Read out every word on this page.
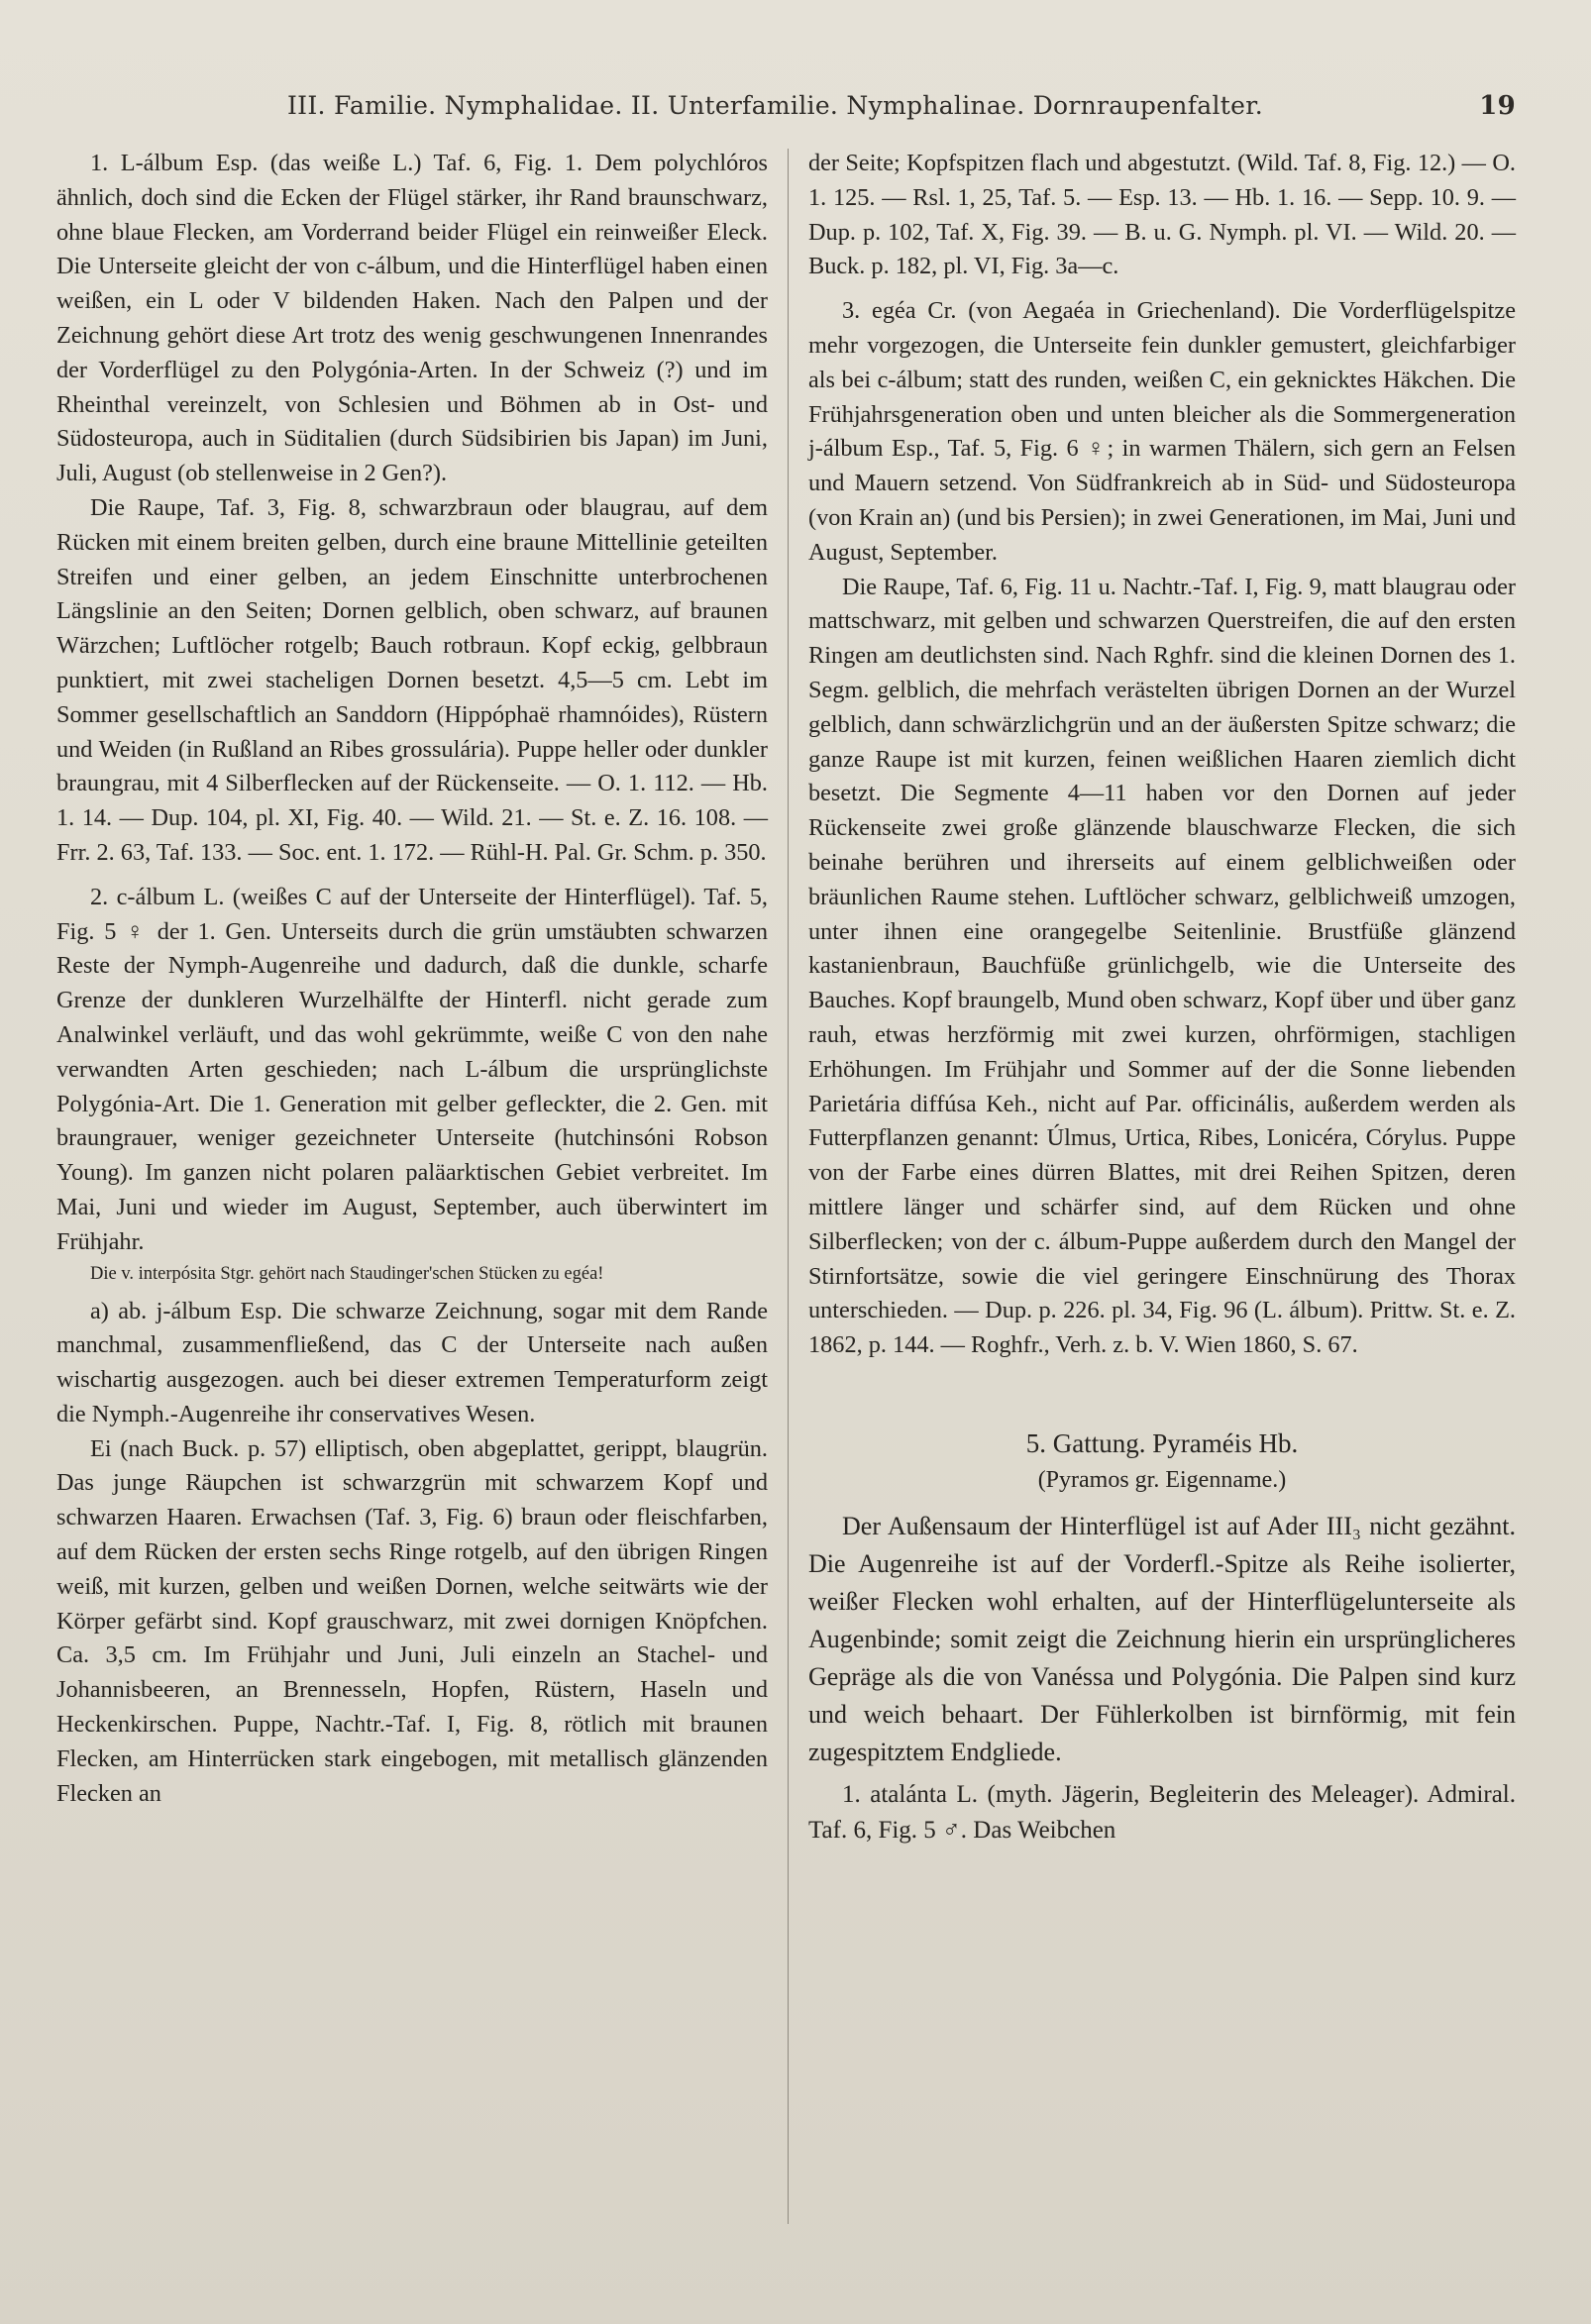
III. Familie. Nymphalidae. II. Unterfamilie. Nymphalinae. Dornraupenfalter.	19

1. L-álbum Esp. (das weiße L.) Taf. 6, Fig. 1. Dem polychlóros ähnlich, doch sind die Ecken der Flügel stärker, ihr Rand braunschwarz, ohne blaue Flecken, am Vorderrand beider Flügel ein reinweißer Eleck. Die Unterseite gleicht der von c-álbum, und die Hinterflügel haben einen weißen, ein L oder V bildenden Haken. Nach den Palpen und der Zeichnung gehört diese Art trotz des wenig geschwungenen Innenrandes der Vorderflügel zu den Polygónia-Arten. In der Schweiz (?) und im Rheinthal vereinzelt, von Schlesien und Böhmen ab in Ost- und Südosteuropa, auch in Süditalien (durch Südsibirien bis Japan) im Juni, Juli, August (ob stellenweise in 2 Gen?).

Die Raupe, Taf. 3, Fig. 8, schwarzbraun oder blaugrau, auf dem Rücken mit einem breiten gelben, durch eine braune Mittellinie geteilten Streifen und einer gelben, an jedem Einschnitte unterbrochenen Längslinie an den Seiten; Dornen gelblich, oben schwarz, auf braunen Wärzchen; Luftlöcher rotgelb; Bauch rotbraun. Kopf eckig, gelbbraun punktiert, mit zwei stacheligen Dornen besetzt. 4,5—5 cm. Lebt im Sommer gesellschaftlich an Sanddorn (Hippóphaë rhamnóides), Rüstern und Weiden (in Rußland an Ribes grossulária). Puppe heller oder dunkler braungrau, mit 4 Silberflecken auf der Rückenseite. — O. 1. 112. — Hb. 1. 14. — Dup. 104, pl. XI, Fig. 40. — Wild. 21. — St. e. Z. 16. 108. — Frr. 2. 63, Taf. 133. — Soc. ent. 1. 172. — Rühl-H. Pal. Gr. Schm. p. 350.

2. c-álbum L. (weißes C auf der Unterseite der Hinterflügel). Taf. 5, Fig. 5 ♀ der 1. Gen. Unterseits durch die grün umstäubten schwarzen Reste der Nymph-Augenreihe und dadurch, daß die dunkle, scharfe Grenze der dunkleren Wurzelhälfte der Hinterfl. nicht gerade zum Analwinkel verläuft, und das wohl gekrümmte, weiße C von den nahe verwandten Arten geschieden; nach L-álbum die ursprünglichste Polygónia-Art. Die 1. Generation mit gelber gefleckter, die 2. Gen. mit braungrauer, weniger gezeichneter Unterseite (hutchinsóni Robson Young). Im ganzen nicht polaren paläarktischen Gebiet verbreitet. Im Mai, Juni und wieder im August, September, auch überwintert im Frühjahr.

Die v. interpósita Stgr. gehört nach Staudinger'schen Stücken zu egéa!

a) ab. j-álbum Esp. Die schwarze Zeichnung, sogar mit dem Rande manchmal, zusammenfließend, das C der Unterseite nach außen wischartig ausgezogen. auch bei dieser extremen Temperaturform zeigt die Nymph.-Augenreihe ihr conservatives Wesen.

Ei (nach Buck. p. 57) elliptisch, oben abgeplattet, gerippt, blaugrün. Das junge Räupchen ist schwarzgrün mit schwarzem Kopf und schwarzen Haaren. Erwachsen (Taf. 3, Fig. 6) braun oder fleischfarben, auf dem Rücken der ersten sechs Ringe rotgelb, auf den übrigen Ringen weiß, mit kurzen, gelben und weißen Dornen, welche seitwärts wie der Körper gefärbt sind. Kopf grauschwarz, mit zwei dornigen Knöpfchen. Ca. 3,5 cm. Im Frühjahr und Juni, Juli einzeln an Stachel- und Johannisbeeren, an Brennesseln, Hopfen, Rüstern, Haseln und Heckenkirschen. Puppe, Nachtr.-Taf. I, Fig. 8, rötlich mit braunen Flecken, am Hinterrücken stark eingebogen, mit metallisch glänzenden Flecken an

der Seite; Kopfspitzen flach und abgestutzt. (Wild. Taf. 8, Fig. 12.) — O. 1. 125. — Rsl. 1, 25, Taf. 5. — Esp. 13. — Hb. 1. 16. — Sepp. 10. 9. — Dup. p. 102, Taf. X, Fig. 39. — B. u. G. Nymph. pl. VI. — Wild. 20. — Buck. p. 182, pl. VI, Fig. 3a—c.

3. egéa Cr. (von Aegaéa in Griechenland). Die Vorderflügelspitze mehr vorgezogen, die Unterseite fein dunkler gemustert, gleichfarbiger als bei c-álbum; statt des runden, weißen C, ein geknicktes Häkchen. Die Frühjahrsgeneration oben und unten bleicher als die Sommergeneration j-álbum Esp., Taf. 5, Fig. 6 ♀; in warmen Thälern, sich gern an Felsen und Mauern setzend. Von Südfrankreich ab in Süd- und Südosteuropa (von Krain an) (und bis Persien); in zwei Generationen, im Mai, Juni und August, September.

Die Raupe, Taf. 6, Fig. 11 u. Nachtr.-Taf. I, Fig. 9, matt blaugrau oder mattschwarz, mit gelben und schwarzen Querstreifen, die auf den ersten Ringen am deutlichsten sind. Nach Rghfr. sind die kleinen Dornen des 1. Segm. gelblich, die mehrfach verästelten übrigen Dornen an der Wurzel gelblich, dann schwärzlichgrün und an der äußersten Spitze schwarz; die ganze Raupe ist mit kurzen, feinen weißlichen Haaren ziemlich dicht besetzt. Die Segmente 4—11 haben vor den Dornen auf jeder Rückenseite zwei große glänzende blauschwarze Flecken, die sich beinahe berühren und ihrerseits auf einem gelblichweißen oder bräunlichen Raume stehen. Luftlöcher schwarz, gelblichweiß umzogen, unter ihnen eine orangegelbe Seitenlinie. Brustfüße glänzend kastanienbraun, Bauchfüße grünlichgelb, wie die Unterseite des Bauches. Kopf braungelb, Mund oben schwarz, Kopf über und über ganz rauh, etwas herzförmig mit zwei kurzen, ohrförmigen, stachligen Erhöhungen. Im Frühjahr und Sommer auf der die Sonne liebenden Parietária diffúsa Keh., nicht auf Par. officinális, außerdem werden als Futterpflanzen genannt: Úlmus, Urtica, Ribes, Lonicéra, Córylus. Puppe von der Farbe eines dürren Blattes, mit drei Reihen Spitzen, deren mittlere länger und schärfer sind, auf dem Rücken und ohne Silberflecken; von der c. álbum-Puppe außerdem durch den Mangel der Stirnfortsätze, sowie die viel geringere Einschnürung des Thorax unterschieden. — Dup. p. 226. pl. 34, Fig. 96 (L. álbum). Prittw. St. e. Z. 1862, p. 144. — Roghfr., Verh. z. b. V. Wien 1860, S. 67.

5. Gattung. Pyraméis Hb.
(Pyramos gr. Eigenname.)

Der Außensaum der Hinterflügel ist auf Ader III₃ nicht gezähnt. Die Augenreihe ist auf der Vorderfl.-Spitze als Reihe isolierter, weißer Flecken wohl erhalten, auf der Hinterflügelunterseite als Augenbinde; somit zeigt die Zeichnung hierin ein ursprünglicheres Gepräge als die von Vanéssa und Polygónia. Die Palpen sind kurz und weich behaart. Der Fühlerkolben ist birnförmig, mit fein zugespitztem Endgliede.

1. atalánta L. (myth. Jägerin, Begleiterin des Meleager). Admiral. Taf. 6, Fig. 5 ♂. Das Weibchen
